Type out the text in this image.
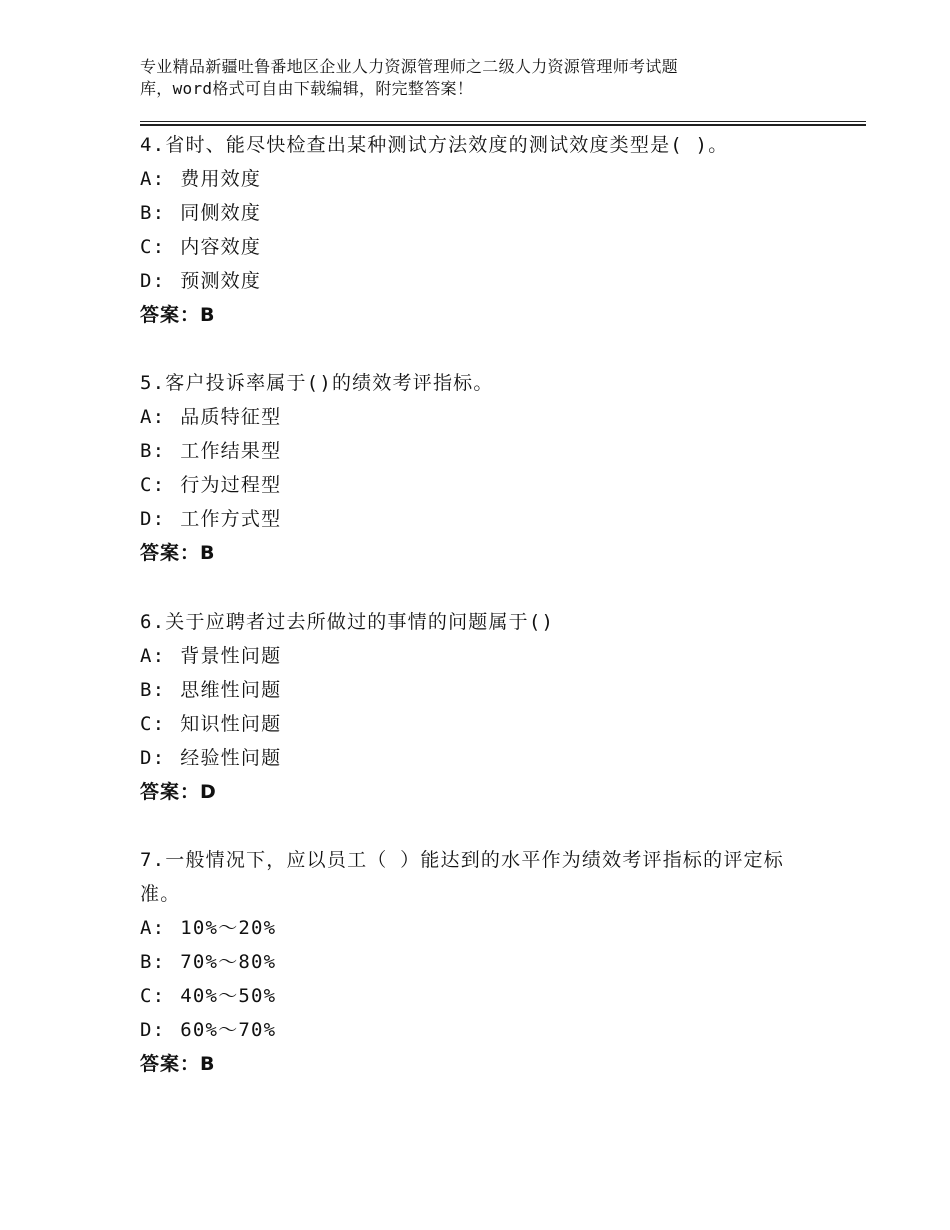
专业精品新疆吐鲁番地区企业人力资源管理师之二级人力资源管理师考试题
库，word格式可自由下载编辑，附完整答案！
4.省时、能尽快检查出某种测试方法效度的测试效度类型是( )。
A: 费用效度
B: 同侧效度
C: 内容效度
D: 预测效度
答案：B
5.客户投诉率属于()的绩效考评指标。
A: 品质特征型
B: 工作结果型
C: 行为过程型
D: 工作方式型
答案：B
6.关于应聘者过去所做过的事情的问题属于()
A: 背景性问题
B: 思维性问题
C: 知识性问题
D: 经验性问题
答案：D
7.一般情况下，应以员工（ ）能达到的水平作为绩效考评指标的评定标准。
A: 10%～20%
B: 70%～80%
C: 40%～50%
D: 60%～70%
答案：B
